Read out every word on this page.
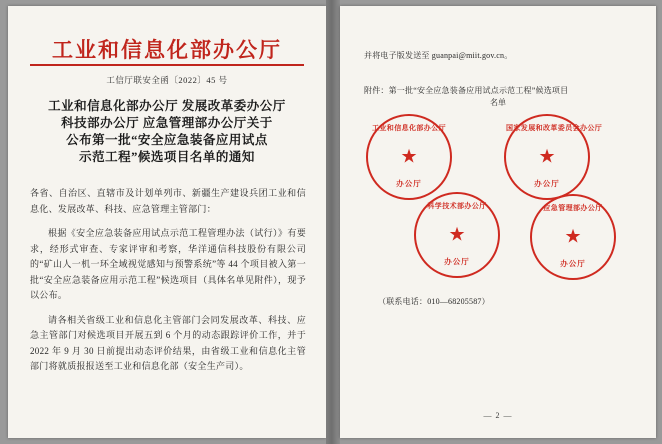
工业和信息化部办公厅
工信厅联安全函〔2022〕45 号
工业和信息化部办公厅 发展改革委办公厅
科技部办公厅 应急管理部办公厅关于
公布第一批“安全应急装备应用试点
示范工程”候选项目名单的通知

各省、自治区、直辖市及计划单列市、新疆生产建设兵团工业和信息化、发展改革、科技、应急管理主管部门：

根据《安全应急装备应用试点示范工程管理办法（试行）》有要求，经形式审查、专家评审和考察，华洋通信科技股份有限公司的“矿山人一机一环全域视觉感知与预警系统”等 44 个项目被入第一批“安全应急装备应用示范工程”候选项目（具体名单见附件），现予以公布。

请各相关省级工业和信息化主管部门会同发展改革、科技、应急主管部门对候选项目开展五到 6 个月的动态跟踪评价工作，并于 2022 年 9 月 30 日前提出动态评价结果，由省级工业和信息化主管部门将就质报报送至工业和信息化部（安全生产司）。

并将电子版发送至 guanpai@miit.gov.cn。
附件：第一批“安全应急装备应用试点示范工程”候选项目
名单
工业和信息化部办公厅
★
办公厅
国家发展和改革委员会办公厅
★
办公厅
科学技术部办公厅
★
办公厅
应急管理部办公厅
★
办公厅
（联系电话：010—68205587）
— 2 —
